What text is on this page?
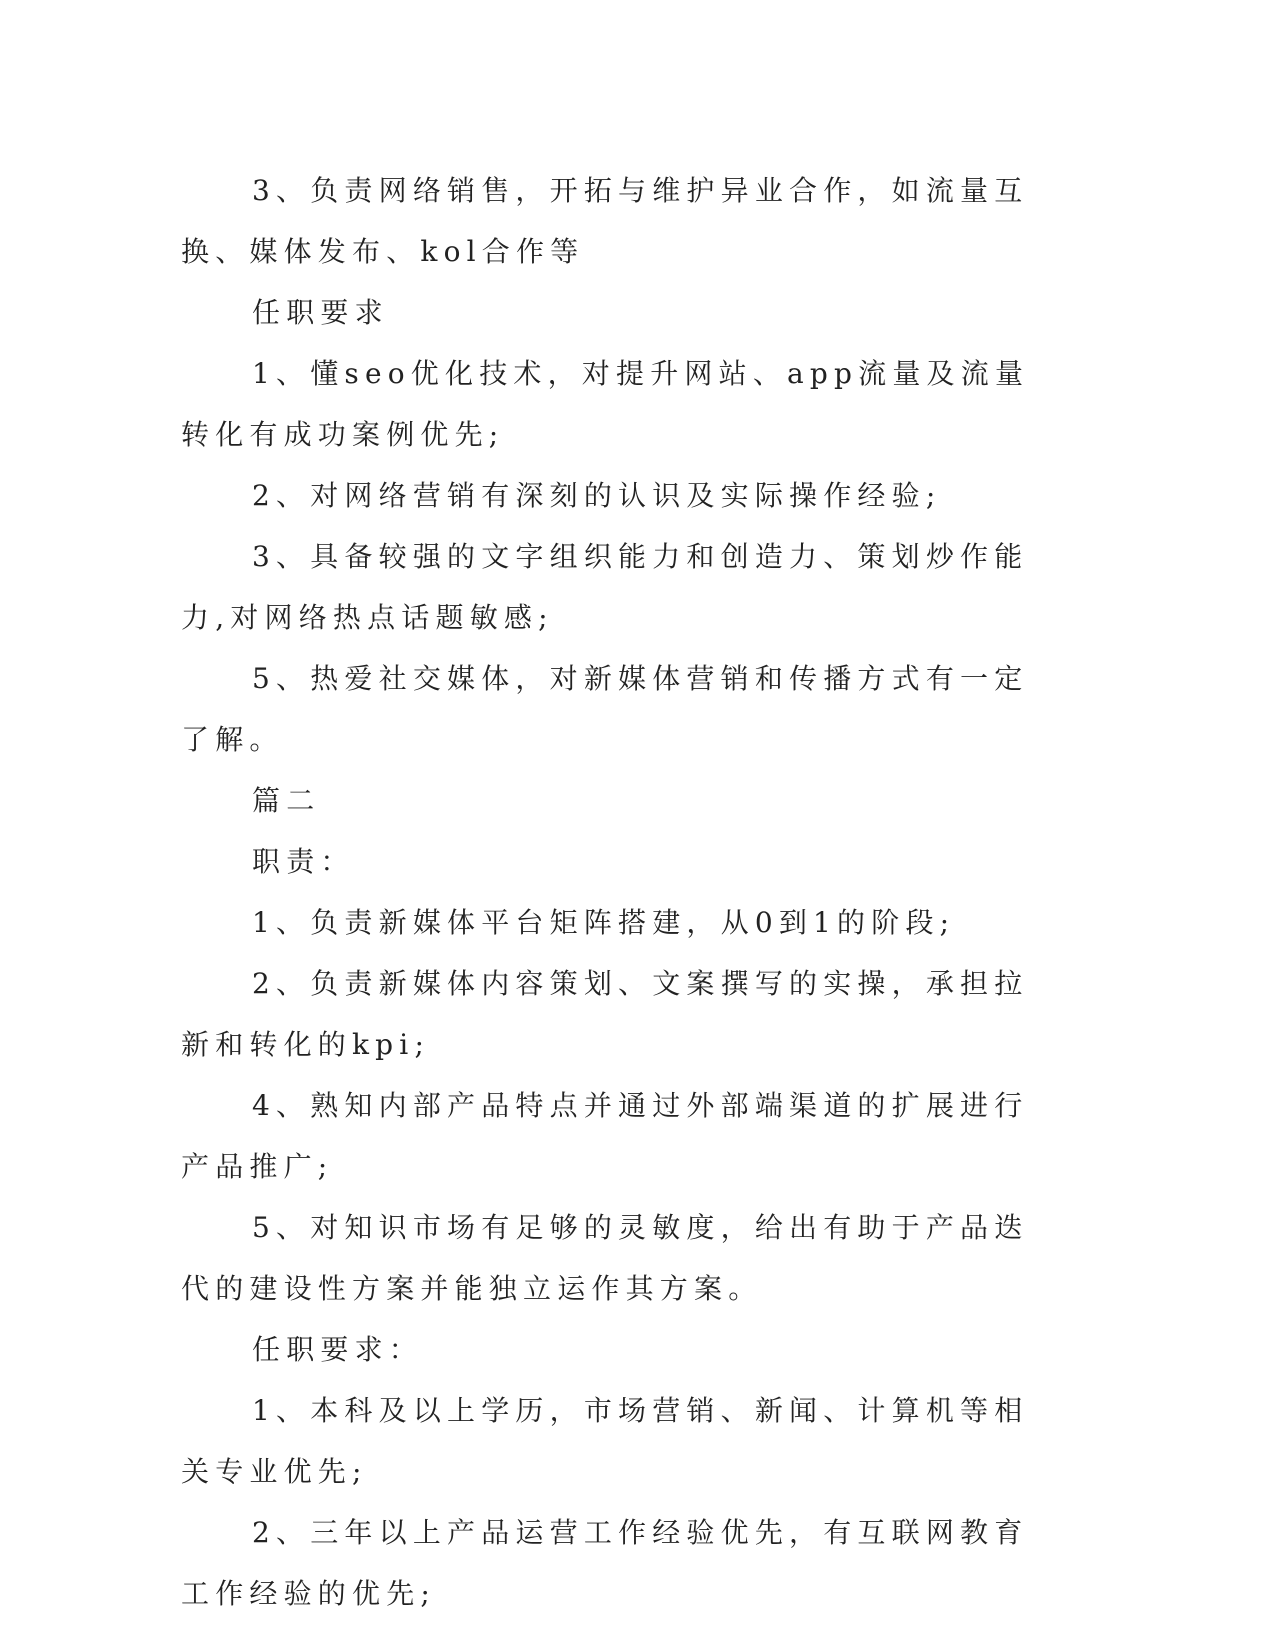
3、负责网络销售，开拓与维护异业合作，如流量互换、媒体发布、kol合作等

任职要求

1、懂seo优化技术，对提升网站、app流量及流量转化有成功案例优先;

2、对网络营销有深刻的认识及实际操作经验;

3、具备较强的文字组织能力和创造力、策划炒作能力,对网络热点话题敏感;

5、热爱社交媒体，对新媒体营销和传播方式有一定了解。

篇二

职责：

1、负责新媒体平台矩阵搭建，从0到1的阶段;

2、负责新媒体内容策划、文案撰写的实操，承担拉新和转化的kpi;

4、熟知内部产品特点并通过外部端渠道的扩展进行产品推广;

5、对知识市场有足够的灵敏度，给出有助于产品迭代的建设性方案并能独立运作其方案。

任职要求：

1、本科及以上学历，市场营销、新闻、计算机等相关专业优先;

2、三年以上产品运营工作经验优先，有互联网教育工作经验的优先;
